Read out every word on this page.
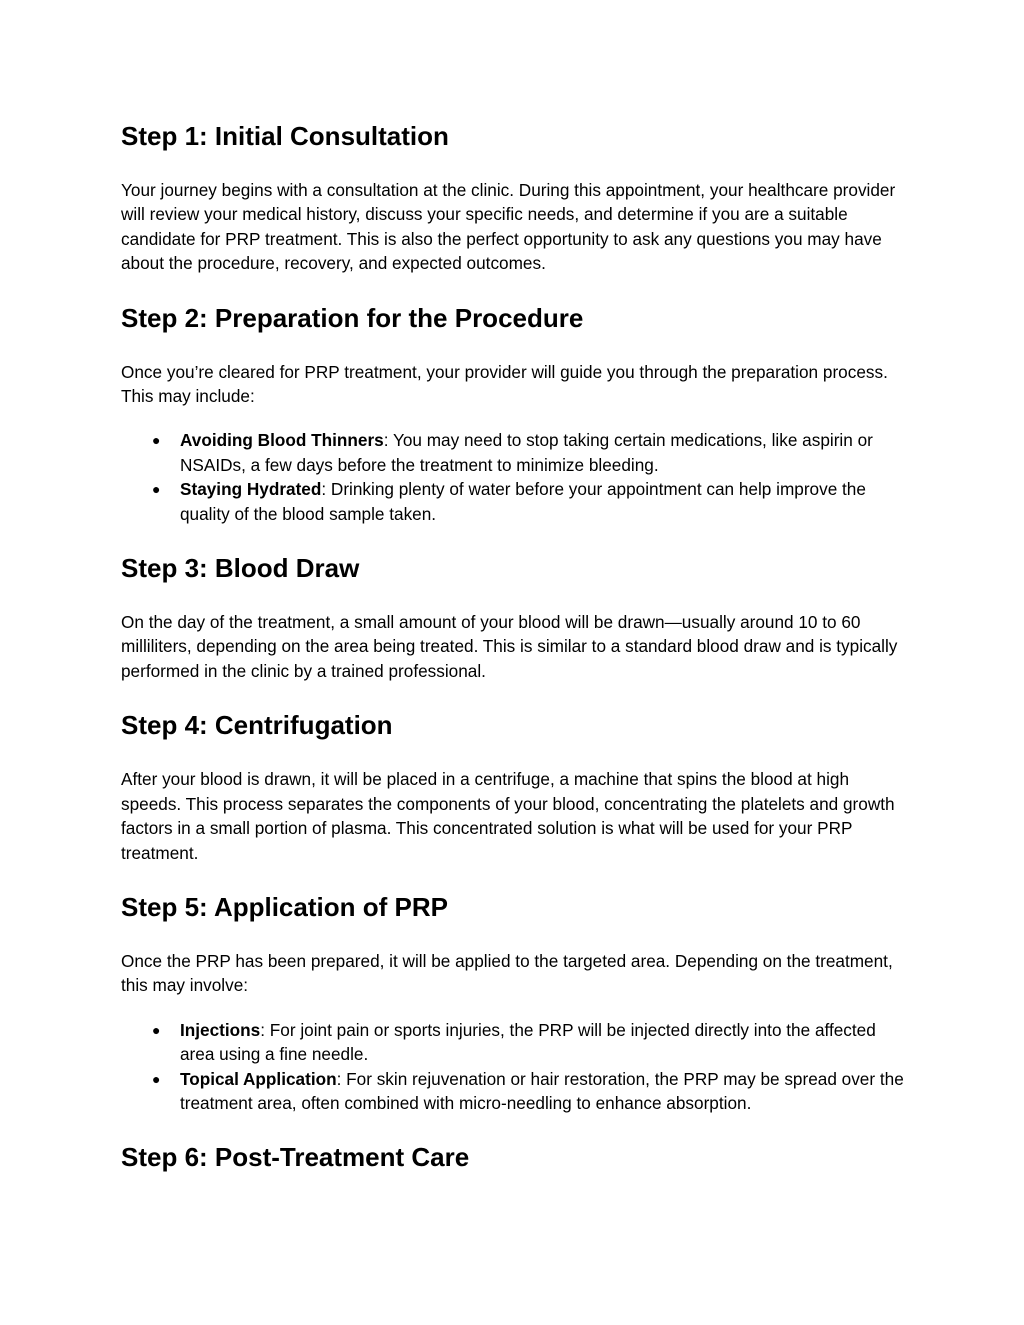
Step 1: Initial Consultation

Your journey begins with a consultation at the clinic. During this appointment, your healthcare provider will review your medical history, discuss your specific needs, and determine if you are a suitable candidate for PRP treatment. This is also the perfect opportunity to ask any questions you may have about the procedure, recovery, and expected outcomes.

Step 2: Preparation for the Procedure

Once you’re cleared for PRP treatment, your provider will guide you through the preparation process. This may include:

● Avoiding Blood Thinners: You may need to stop taking certain medications, like aspirin or NSAIDs, a few days before the treatment to minimize bleeding.
● Staying Hydrated: Drinking plenty of water before your appointment can help improve the quality of the blood sample taken.
Step 3: Blood Draw

On the day of the treatment, a small amount of your blood will be drawn—usually around 10 to 60 milliliters, depending on the area being treated. This is similar to a standard blood draw and is typically performed in the clinic by a trained professional.

Step 4: Centrifugation

After your blood is drawn, it will be placed in a centrifuge, a machine that spins the blood at high speeds. This process separates the components of your blood, concentrating the platelets and growth factors in a small portion of plasma. This concentrated solution is what will be used for your PRP treatment.

Step 5: Application of PRP

Once the PRP has been prepared, it will be applied to the targeted area. Depending on the treatment, this may involve:

● Injections: For joint pain or sports injuries, the PRP will be injected directly into the affected area using a fine needle.
● Topical Application: For skin rejuvenation or hair restoration, the PRP may be spread over the treatment area, often combined with micro-needling to enhance absorption.
Step 6: Post-Treatment Care
